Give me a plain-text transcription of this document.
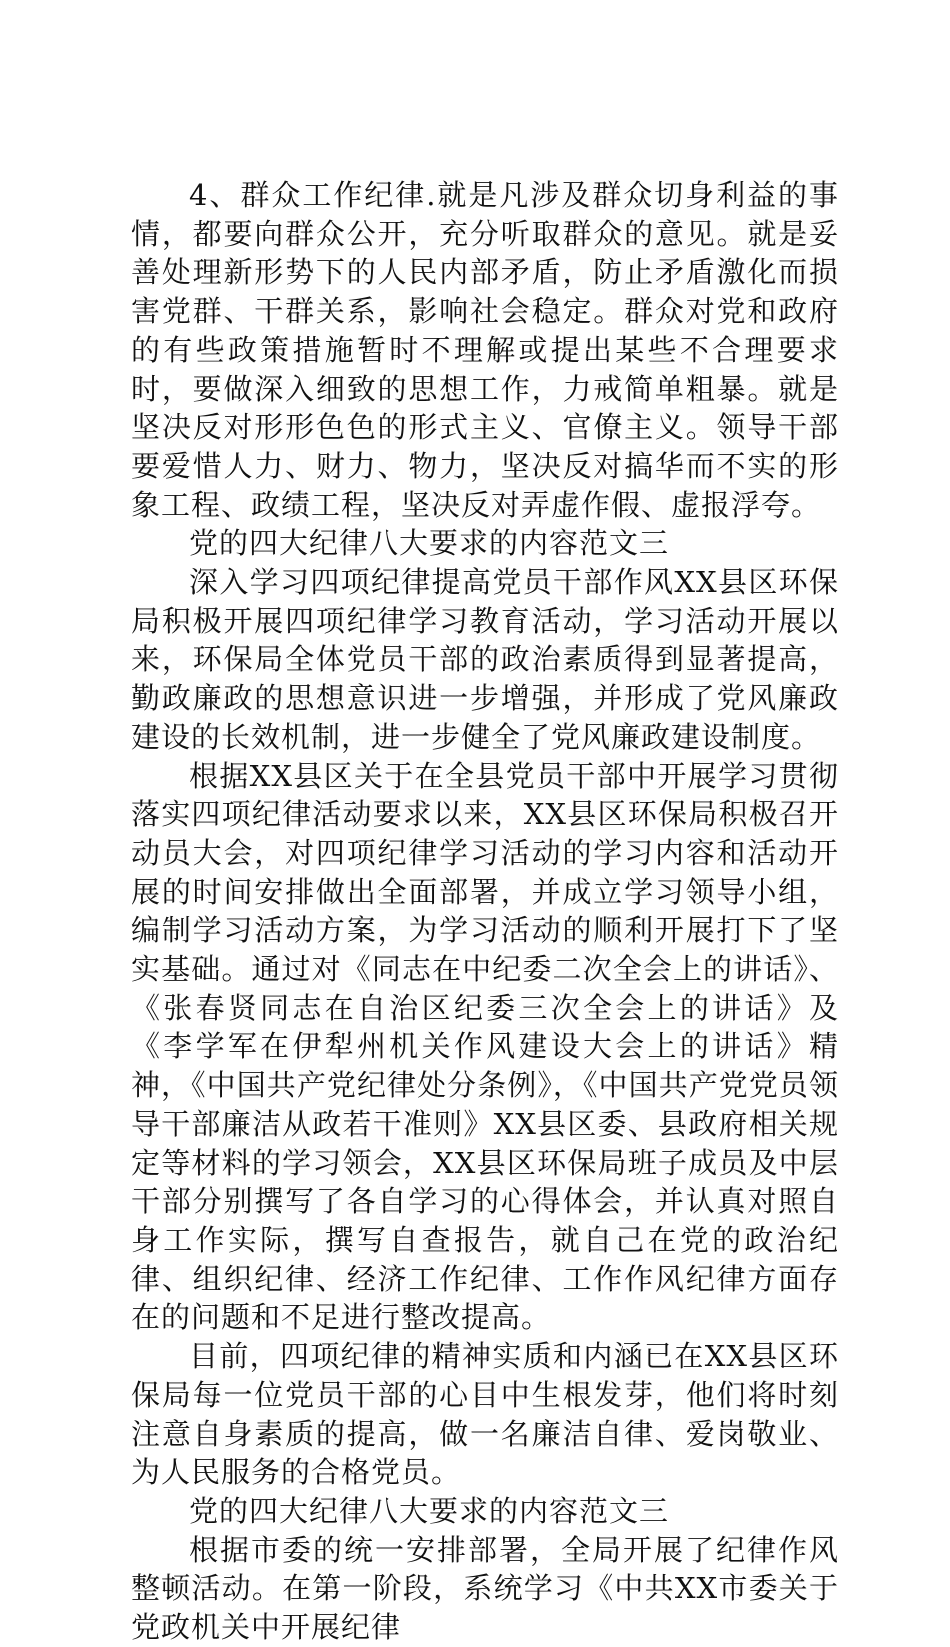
4、群众工作纪律.就是凡涉及群众切身利益的事情，都要向群众公开，充分听取群众的意见。就是妥善处理新形势下的人民内部矛盾，防止矛盾激化而损害党群、干群关系，影响社会稳定。群众对党和政府的有些政策措施暂时不理解或提出某些不合理要求时，要做深入细致的思想工作，力戒简单粗暴。就是坚决反对形形色色的形式主义、官僚主义。领导干部要爱惜人力、财力、物力，坚决反对搞华而不实的形象工程、政绩工程，坚决反对弄虚作假、虚报浮夸。

党的四大纪律八大要求的内容范文三

深入学习四项纪律提高党员干部作风XX县区环保局积极开展四项纪律学习教育活动，学习活动开展以来，环保局全体党员干部的政治素质得到显著提高，勤政廉政的思想意识进一步增强，并形成了党风廉政建设的长效机制，进一步健全了党风廉政建设制度。

根据XX县区关于在全县党员干部中开展学习贯彻落实四项纪律活动要求以来，XX县区环保局积极召开动员大会，对四项纪律学习活动的学习内容和活动开展的时间安排做出全面部署，并成立学习领导小组，编制学习活动方案，为学习活动的顺利开展打下了坚实基础。通过对《同志在中纪委二次全会上的讲话》、《张春贤同志在自治区纪委三次全会上的讲话》及《李学军在伊犁州机关作风建设大会上的讲话》精神，《中国共产党纪律处分条例》，《中国共产党党员领导干部廉洁从政若干准则》XX县区委、县政府相关规定等材料的学习领会，XX县区环保局班子成员及中层干部分别撰写了各自学习的心得体会，并认真对照自身工作实际，撰写自查报告，就自己在党的政治纪律、组织纪律、经济工作纪律、工作作风纪律方面存在的问题和不足进行整改提高。

目前，四项纪律的精神实质和内涵已在XX县区环保局每一位党员干部的心目中生根发芽，他们将时刻注意自身素质的提高，做一名廉洁自律、爱岗敬业、为人民服务的合格党员。

党的四大纪律八大要求的内容范文三

根据市委的统一安排部署，全局开展了纪律作风整顿活动。在第一阶段，系统学习《中共XX市委关于党政机关中开展纪律
